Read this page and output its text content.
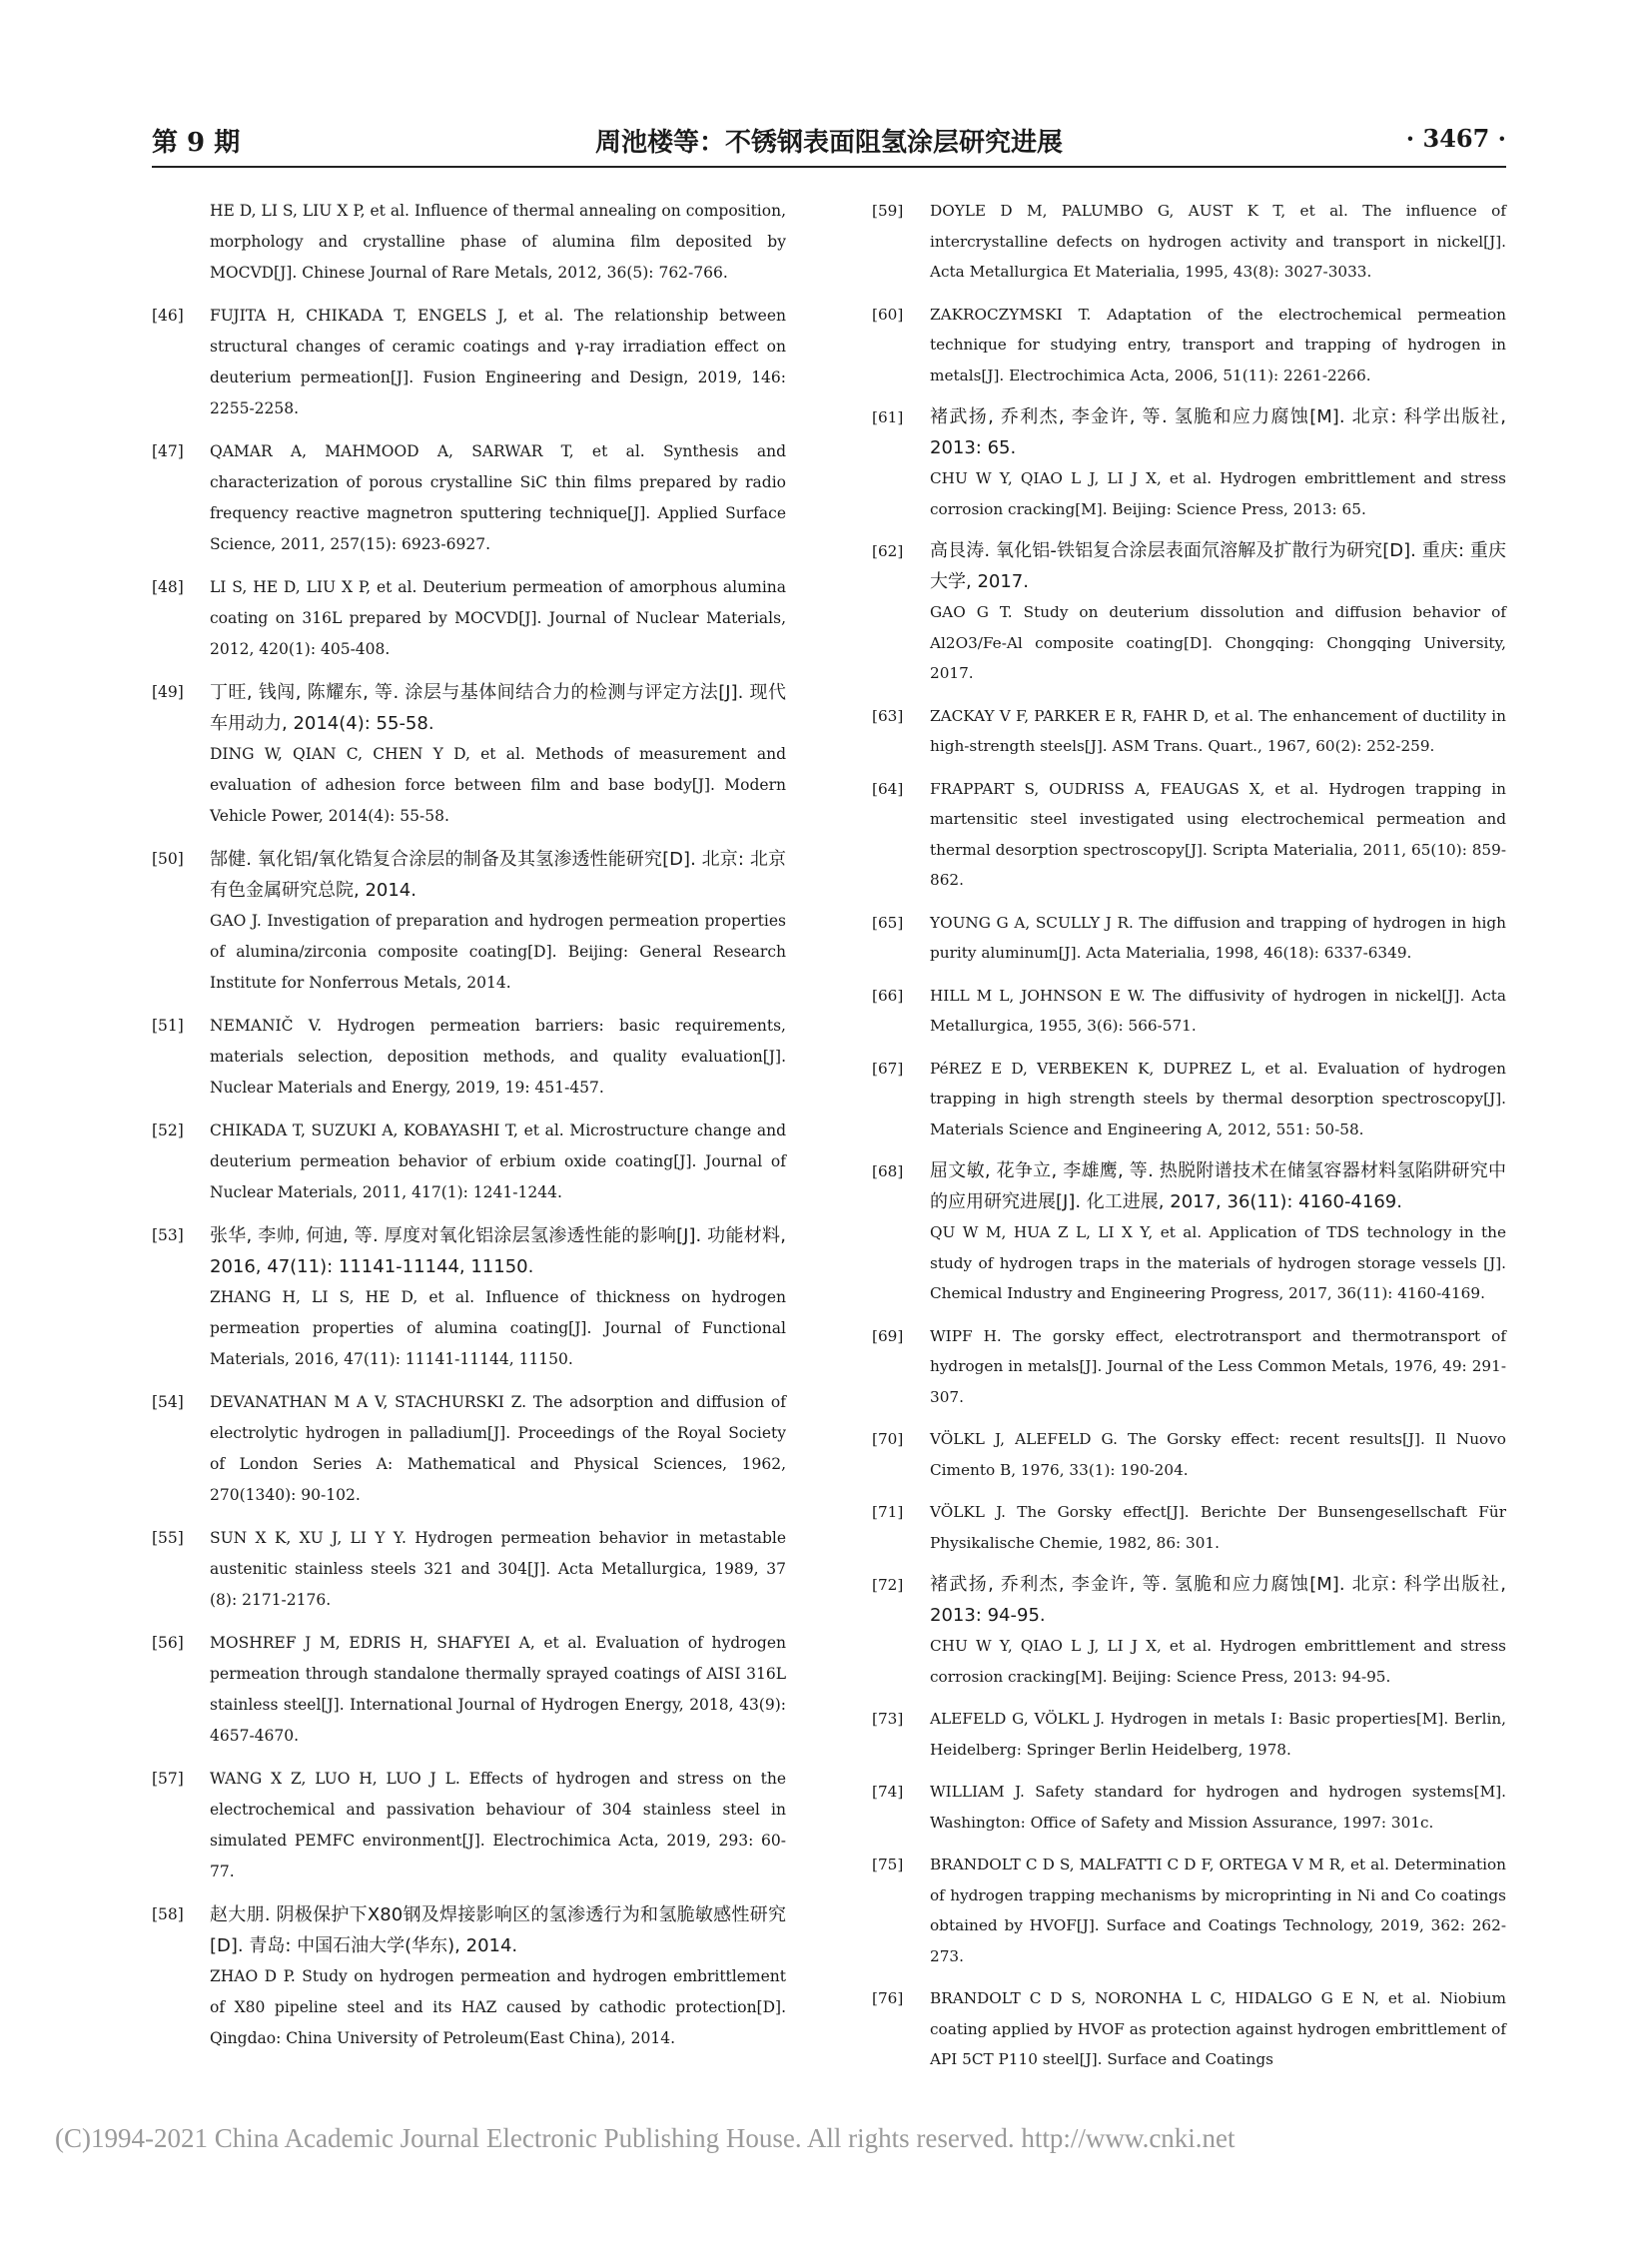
第 9 期	周池楼等：不锈钢表面阻氢涂层研究进展	· 3467 ·
HE D, LI S, LIU X P, et al. Influence of thermal annealing on composition, morphology and crystalline phase of alumina film deposited by MOCVD[J]. Chinese Journal of Rare Metals, 2012, 36(5): 762-766.
[46] FUJITA H, CHIKADA T, ENGELS J, et al. The relationship between structural changes of ceramic coatings and γ-ray irradiation effect on deuterium permeation[J]. Fusion Engineering and Design, 2019, 146: 2255-2258.
[47] QAMAR A, MAHMOOD A, SARWAR T, et al. Synthesis and characterization of porous crystalline SiC thin films prepared by radio frequency reactive magnetron sputtering technique[J]. Applied Surface Science, 2011, 257(15): 6923-6927.
[48] LI S, HE D, LIU X P, et al. Deuterium permeation of amorphous alumina coating on 316L prepared by MOCVD[J]. Journal of Nuclear Materials, 2012, 420(1): 405-408.
[49] 丁旺, 钱闯, 陈耀东, 等. 涂层与基体间结合力的检测与评定方法[J]. 现代车用动力, 2014(4): 55-58.
DING W, QIAN C, CHEN Y D, et al. Methods of measurement and evaluation of adhesion force between film and base body[J]. Modern Vehicle Power, 2014(4): 55-58.
[50] 郜健. 氧化铝/氧化锆复合涂层的制备及其氢渗透性能研究[D]. 北京: 北京有色金属研究总院, 2014.
GAO J. Investigation of preparation and hydrogen permeation properties of alumina/zirconia composite coating[D]. Beijing: General Research Institute for Nonferrous Metals, 2014.
[51] NEMANIČ V. Hydrogen permeation barriers: basic requirements, materials selection, deposition methods, and quality evaluation[J]. Nuclear Materials and Energy, 2019, 19: 451-457.
[52] CHIKADA T, SUZUKI A, KOBAYASHI T, et al. Microstructure change and deuterium permeation behavior of erbium oxide coating[J]. Journal of Nuclear Materials, 2011, 417(1): 1241-1244.
[53] 张华, 李帅, 何迪, 等. 厚度对氧化铝涂层氢渗透性能的影响[J]. 功能材料, 2016, 47(11): 11141-11144, 11150.
ZHANG H, LI S, HE D, et al. Influence of thickness on hydrogen permeation properties of alumina coating[J]. Journal of Functional Materials, 2016, 47(11): 11141-11144, 11150.
[54] DEVANATHAN M A V, STACHURSKI Z. The adsorption and diffusion of electrolytic hydrogen in palladium[J]. Proceedings of the Royal Society of London Series A: Mathematical and Physical Sciences, 1962, 270(1340): 90-102.
[55] SUN X K, XU J, LI Y Y. Hydrogen permeation behavior in metastable austenitic stainless steels 321 and 304[J]. Acta Metallurgica, 1989, 37 (8): 2171-2176.
[56] MOSHREF J M, EDRIS H, SHAFYEI A, et al. Evaluation of hydrogen permeation through standalone thermally sprayed coatings of AISI 316L stainless steel[J]. International Journal of Hydrogen Energy, 2018, 43(9): 4657-4670.
[57] WANG X Z, LUO H, LUO J L. Effects of hydrogen and stress on the electrochemical and passivation behaviour of 304 stainless steel in simulated PEMFC environment[J]. Electrochimica Acta, 2019, 293: 60-77.
[58] 赵大朋. 阴极保护下X80钢及焊接影响区的氢渗透行为和氢脆敏感性研究[D]. 青岛: 中国石油大学(华东), 2014.
ZHAO D P. Study on hydrogen permeation and hydrogen embrittlement of X80 pipeline steel and its HAZ caused by cathodic protection[D]. Qingdao: China University of Petroleum(East China), 2014.
[59] DOYLE D M, PALUMBO G, AUST K T, et al. The influence of intercrystalline defects on hydrogen activity and transport in nickel[J]. Acta Metallurgica Et Materialia, 1995, 43(8): 3027-3033.
[60] ZAKROCZYMSKI T. Adaptation of the electrochemical permeation technique for studying entry, transport and trapping of hydrogen in metals[J]. Electrochimica Acta, 2006, 51(11): 2261-2266.
[61] 褚武扬, 乔利杰, 李金许, 等. 氢脆和应力腐蚀[M]. 北京: 科学出版社, 2013: 65.
CHU W Y, QIAO L J, LI J X, et al. Hydrogen embrittlement and stress corrosion cracking[M]. Beijing: Science Press, 2013: 65.
[62] 高艮涛. 氧化铝-铁铝复合涂层表面氘溶解及扩散行为研究[D]. 重庆: 重庆大学, 2017.
GAO G T. Study on deuterium dissolution and diffusion behavior of Al2O3/Fe-Al composite coating[D]. Chongqing: Chongqing University, 2017.
[63] ZACKAY V F, PARKER E R, FAHR D, et al. The enhancement of ductility in high-strength steels[J]. ASM Trans. Quart., 1967, 60(2): 252-259.
[64] FRAPPART S, OUDRISS A, FEAUGAS X, et al. Hydrogen trapping in martensitic steel investigated using electrochemical permeation and thermal desorption spectroscopy[J]. Scripta Materialia, 2011, 65(10): 859-862.
[65] YOUNG G A, SCULLY J R. The diffusion and trapping of hydrogen in high purity aluminum[J]. Acta Materialia, 1998, 46(18): 6337-6349.
[66] HILL M L, JOHNSON E W. The diffusivity of hydrogen in nickel[J]. Acta Metallurgica, 1955, 3(6): 566-571.
[67] PéREZ E D, VERBEKEN K, DUPREZ L, et al. Evaluation of hydrogen trapping in high strength steels by thermal desorption spectroscopy[J]. Materials Science and Engineering A, 2012, 551: 50-58.
[68] 屈文敏, 花争立, 李雄鹰, 等. 热脱附谱技术在储氢容器材料氢陷阱研究中的应用研究进展[J]. 化工进展, 2017, 36(11): 4160-4169.
QU W M, HUA Z L, LI X Y, et al. Application of TDS technology in the study of hydrogen traps in the materials of hydrogen storage vessels [J]. Chemical Industry and Engineering Progress, 2017, 36(11): 4160-4169.
[69] WIPF H. The gorsky effect, electrotransport and thermotransport of hydrogen in metals[J]. Journal of the Less Common Metals, 1976, 49: 291-307.
[70] VÖLKL J, ALEFELD G. The Gorsky effect: recent results[J]. Il Nuovo Cimento B, 1976, 33(1): 190-204.
[71] VÖLKL J. The Gorsky effect[J]. Berichte Der Bunsengesellschaft Für Physikalische Chemie, 1982, 86: 301.
[72] 褚武扬, 乔利杰, 李金许, 等. 氢脆和应力腐蚀[M]. 北京: 科学出版社, 2013: 94-95.
CHU W Y, QIAO L J, LI J X, et al. Hydrogen embrittlement and stress corrosion cracking[M]. Beijing: Science Press, 2013: 94-95.
[73] ALEFELD G, VÖLKL J. Hydrogen in metals Ⅰ: Basic properties[M]. Berlin, Heidelberg: Springer Berlin Heidelberg, 1978.
[74] WILLIAM J. Safety standard for hydrogen and hydrogen systems[M]. Washington: Office of Safety and Mission Assurance, 1997: 301c.
[75] BRANDOLT C D S, MALFATTI C D F, ORTEGA V M R, et al. Determination of hydrogen trapping mechanisms by microprinting in Ni and Co coatings obtained by HVOF[J]. Surface and Coatings Technology, 2019, 362: 262-273.
[76] BRANDOLT C D S, NORONHA L C, HIDALGO G E N, et al. Niobium coating applied by HVOF as protection against hydrogen embrittlement of API 5CT P110 steel[J]. Surface and Coatings
(C)1994-2021 China Academic Journal Electronic Publishing House. All rights reserved. http://www.cnki.net
